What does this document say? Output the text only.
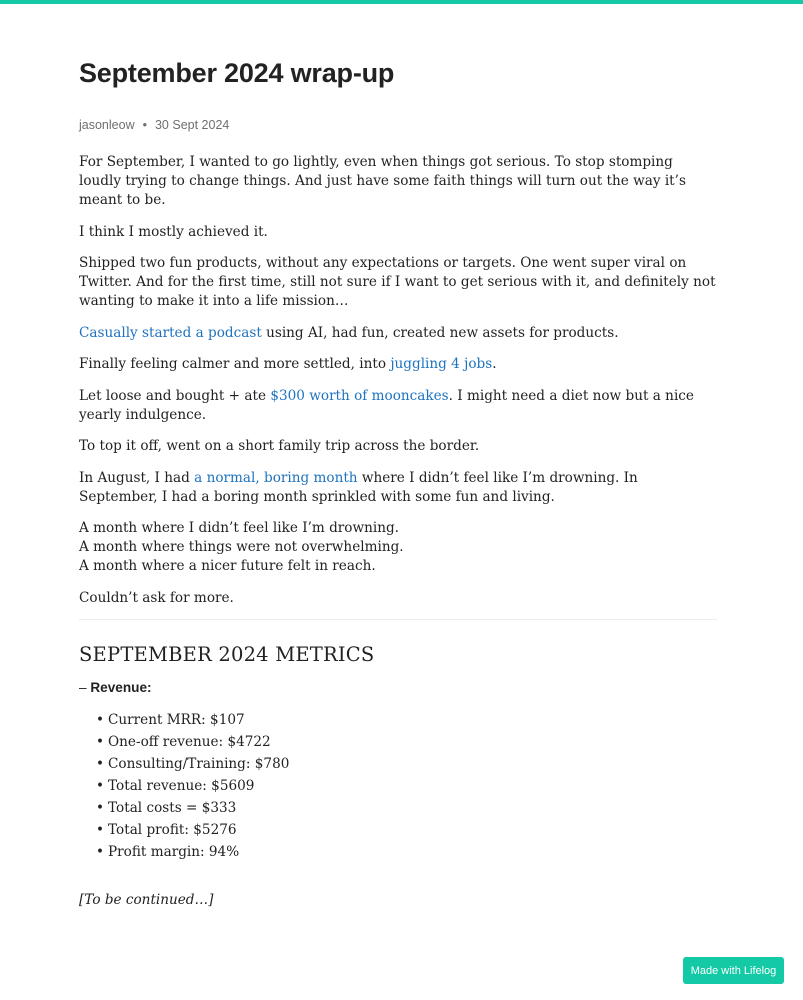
September 2024 wrap-up
jasonleow • 30 Sept 2024

For September, I wanted to go lightly, even when things got serious. To stop stomping loudly trying to change things. And just have some faith things will turn out the way it’s meant to be.

I think I mostly achieved it.

Shipped two fun products, without any expectations or targets. One went super viral on Twitter. And for the first time, still not sure if I want to get serious with it, and definitely not wanting to make it into a life mission…

Casually started a podcast using AI, had fun, created new assets for products.

Finally feeling calmer and more settled, into juggling 4 jobs.

Let loose and bought + ate $300 worth of mooncakes. I might need a diet now but a nice yearly indulgence.

To top it off, went on a short family trip across the border.

In August, I had a normal, boring month where I didn’t feel like I’m drowning. In September, I had a boring month sprinkled with some fun and living.

A month where I didn’t feel like I’m drowning.
A month where things were not overwhelming.
A month where a nicer future felt in reach.

Couldn’t ask for more.

SEPTEMBER 2024 METRICS
– Revenue:
• Current MRR: $107
• One-off revenue: $4722
• Consulting/Training: $780
• Total revenue: $5609
• Total costs = $333
• Total profit: $5276
• Profit margin: 94%
[To be continued…]
Made with Lifelog
